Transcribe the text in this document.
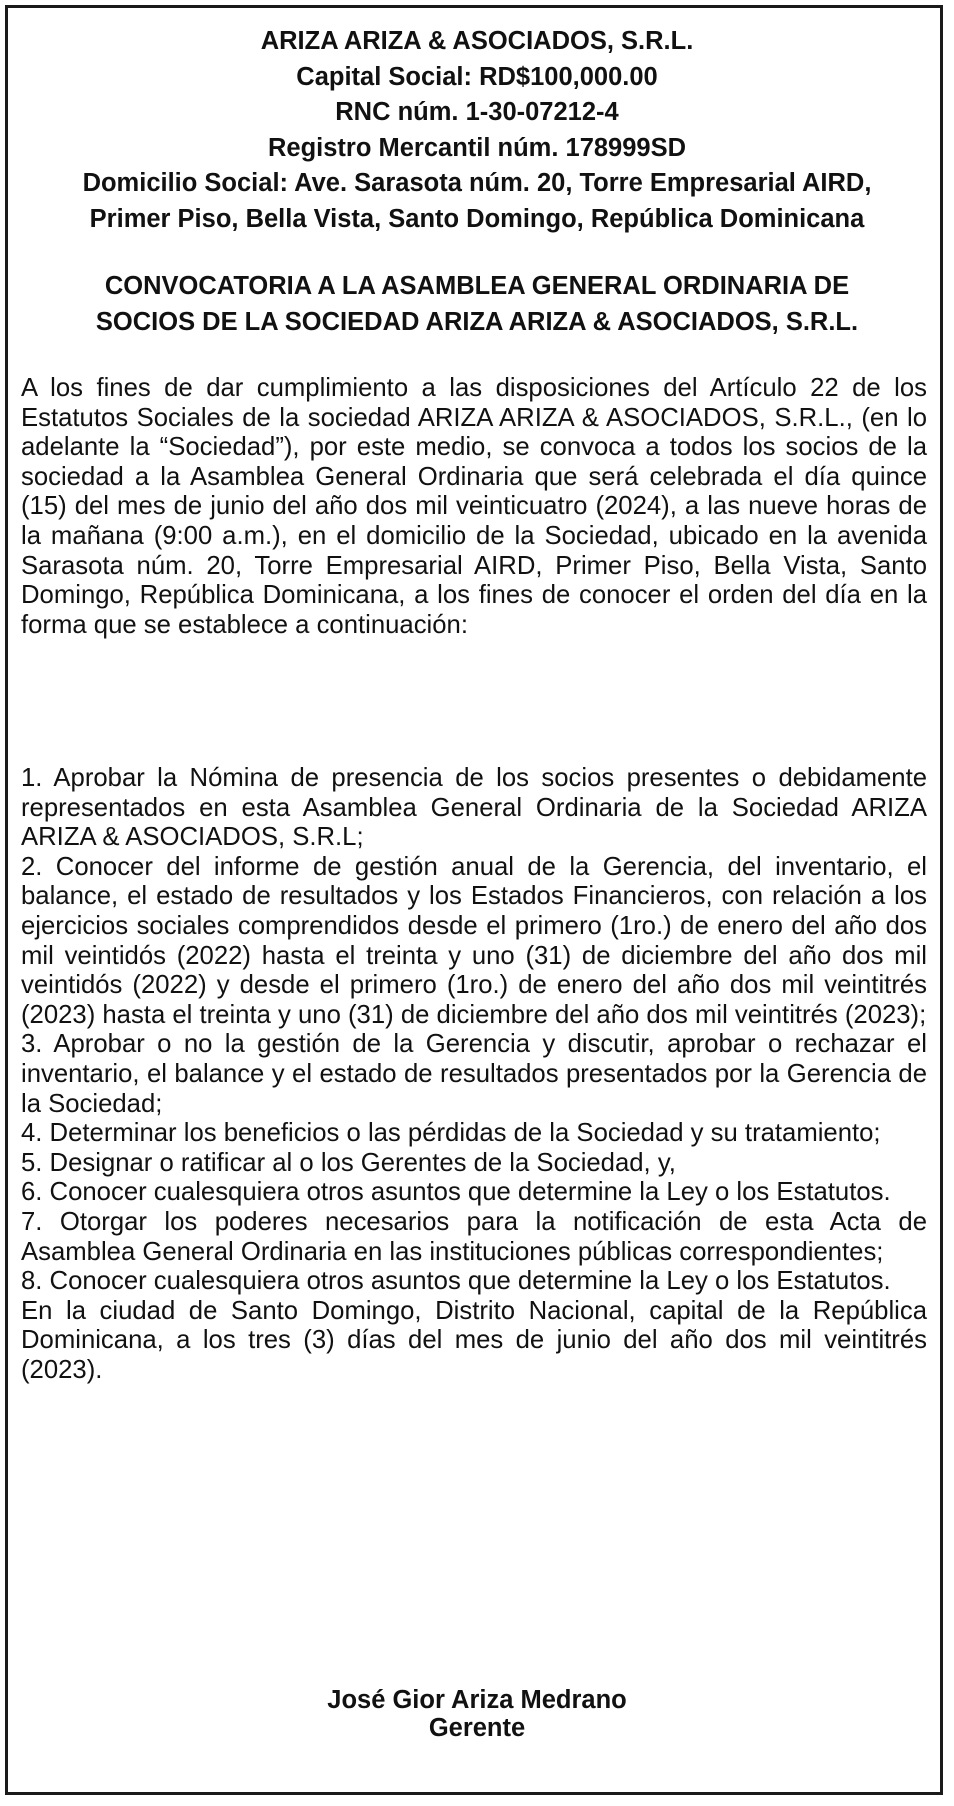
ARIZA ARIZA & ASOCIADOS, S.R.L.
Capital Social: RD$100,000.00
RNC núm. 1-30-07212-4
Registro Mercantil núm. 178999SD
Domicilio Social: Ave. Sarasota núm. 20, Torre Empresarial AIRD,
Primer Piso, Bella Vista, Santo Domingo, República Dominicana
CONVOCATORIA A LA ASAMBLEA GENERAL ORDINARIA DE
SOCIOS DE LA SOCIEDAD ARIZA ARIZA & ASOCIADOS, S.R.L.

A los fines de dar cumplimiento a las disposiciones del Artículo 22 de los Estatutos Sociales de la sociedad ARIZA ARIZA & ASOCIADOS, S.R.L., (en lo adelante la “Sociedad”), por este medio, se convoca a todos los socios de la sociedad a la Asamblea General Ordinaria que será celebrada el día quince (15) del mes de junio del año dos mil veinticuatro (2024), a las nueve horas de la mañana (9:00 a.m.), en el domicilio de la Sociedad, ubicado en la avenida Sarasota núm. 20, Torre Empresarial AIRD, Primer Piso, Bella Vista, Santo Domingo, República Dominicana, a los fines de conocer el orden del día en la forma que se establece a continuación:

1. Aprobar la Nómina de presencia de los socios presentes o debidamente representados en esta Asamblea General Ordinaria de la Sociedad ARIZA ARIZA & ASOCIADOS, S.R.L;

2. Conocer del informe de gestión anual de la Gerencia, del inventario, el balance, el estado de resultados y los Estados Financieros, con relación a los ejercicios sociales comprendidos desde el primero (1ro.) de enero del año dos mil veintidós (2022) hasta el treinta y uno (31) de diciembre del año dos mil veintidós (2022) y desde el primero (1ro.) de enero del año dos mil veintitrés (2023) hasta el treinta y uno (31) de diciembre del año dos mil veintitrés (2023);

3. Aprobar o no la gestión de la Gerencia y discutir, aprobar o rechazar el inventario, el balance y el estado de resultados presentados por la Gerencia de la Sociedad;

4. Determinar los beneficios o las pérdidas de la Sociedad y su tratamiento;

5. Designar o ratificar al o los Gerentes de la Sociedad, y,

6. Conocer cualesquiera otros asuntos que determine la Ley o los Estatutos.

7. Otorgar los poderes necesarios para la notificación de esta Acta de Asamblea General Ordinaria en las instituciones públicas correspondientes;

8. Conocer cualesquiera otros asuntos que determine la Ley o los Estatutos.

En la ciudad de Santo Domingo, Distrito Nacional, capital de la República Dominicana, a los tres (3) días del mes de junio del año dos mil veintitrés (2023).

José Gior Ariza Medrano
Gerente
